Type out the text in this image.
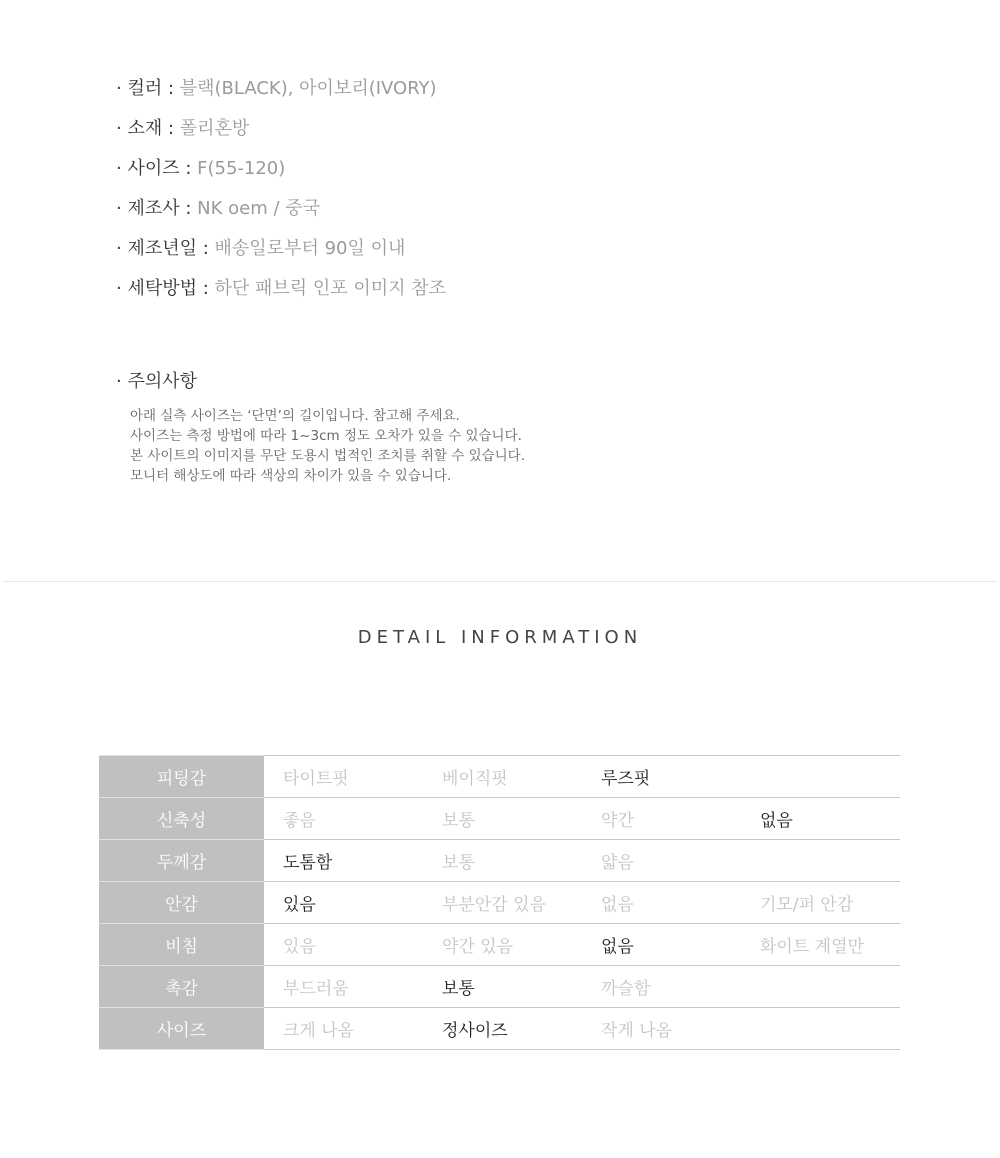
· 컬러 : 블랙(BLACK), 아이보리(IVORY)
· 소재 : 폴리혼방
· 사이즈 : F(55-120)
· 제조사 : NK oem / 중국
· 제조년일 : 배송일로부터 90일 이내
· 세탁방법 : 하단 패브릭 인포 이미지 참조
· 주의사항
아래 실측 사이즈는 ‘단면’의 길이입니다. 참고해 주세요.
사이즈는 측정 방법에 따라 1~3cm 정도 오차가 있을 수 있습니다.
본 사이트의 이미지를 무단 도용시 법적인 조치를 취할 수 있습니다.
모니터 해상도에 따라 색상의 차이가 있을 수 있습니다.
DETAIL INFORMATION
피팅감	타이트핏	베이직핏	루즈핏	
신축성	좋음	보통	약간	없음
두께감	도톰함	보통	얇음	
안감	있음	부분안감 있음	없음	기모/퍼 안감
비침	있음	약간 있음	없음	화이트 계열만
촉감	부드러움	보통	까슬함	
사이즈	크게 나옴	정사이즈	작게 나옴	
